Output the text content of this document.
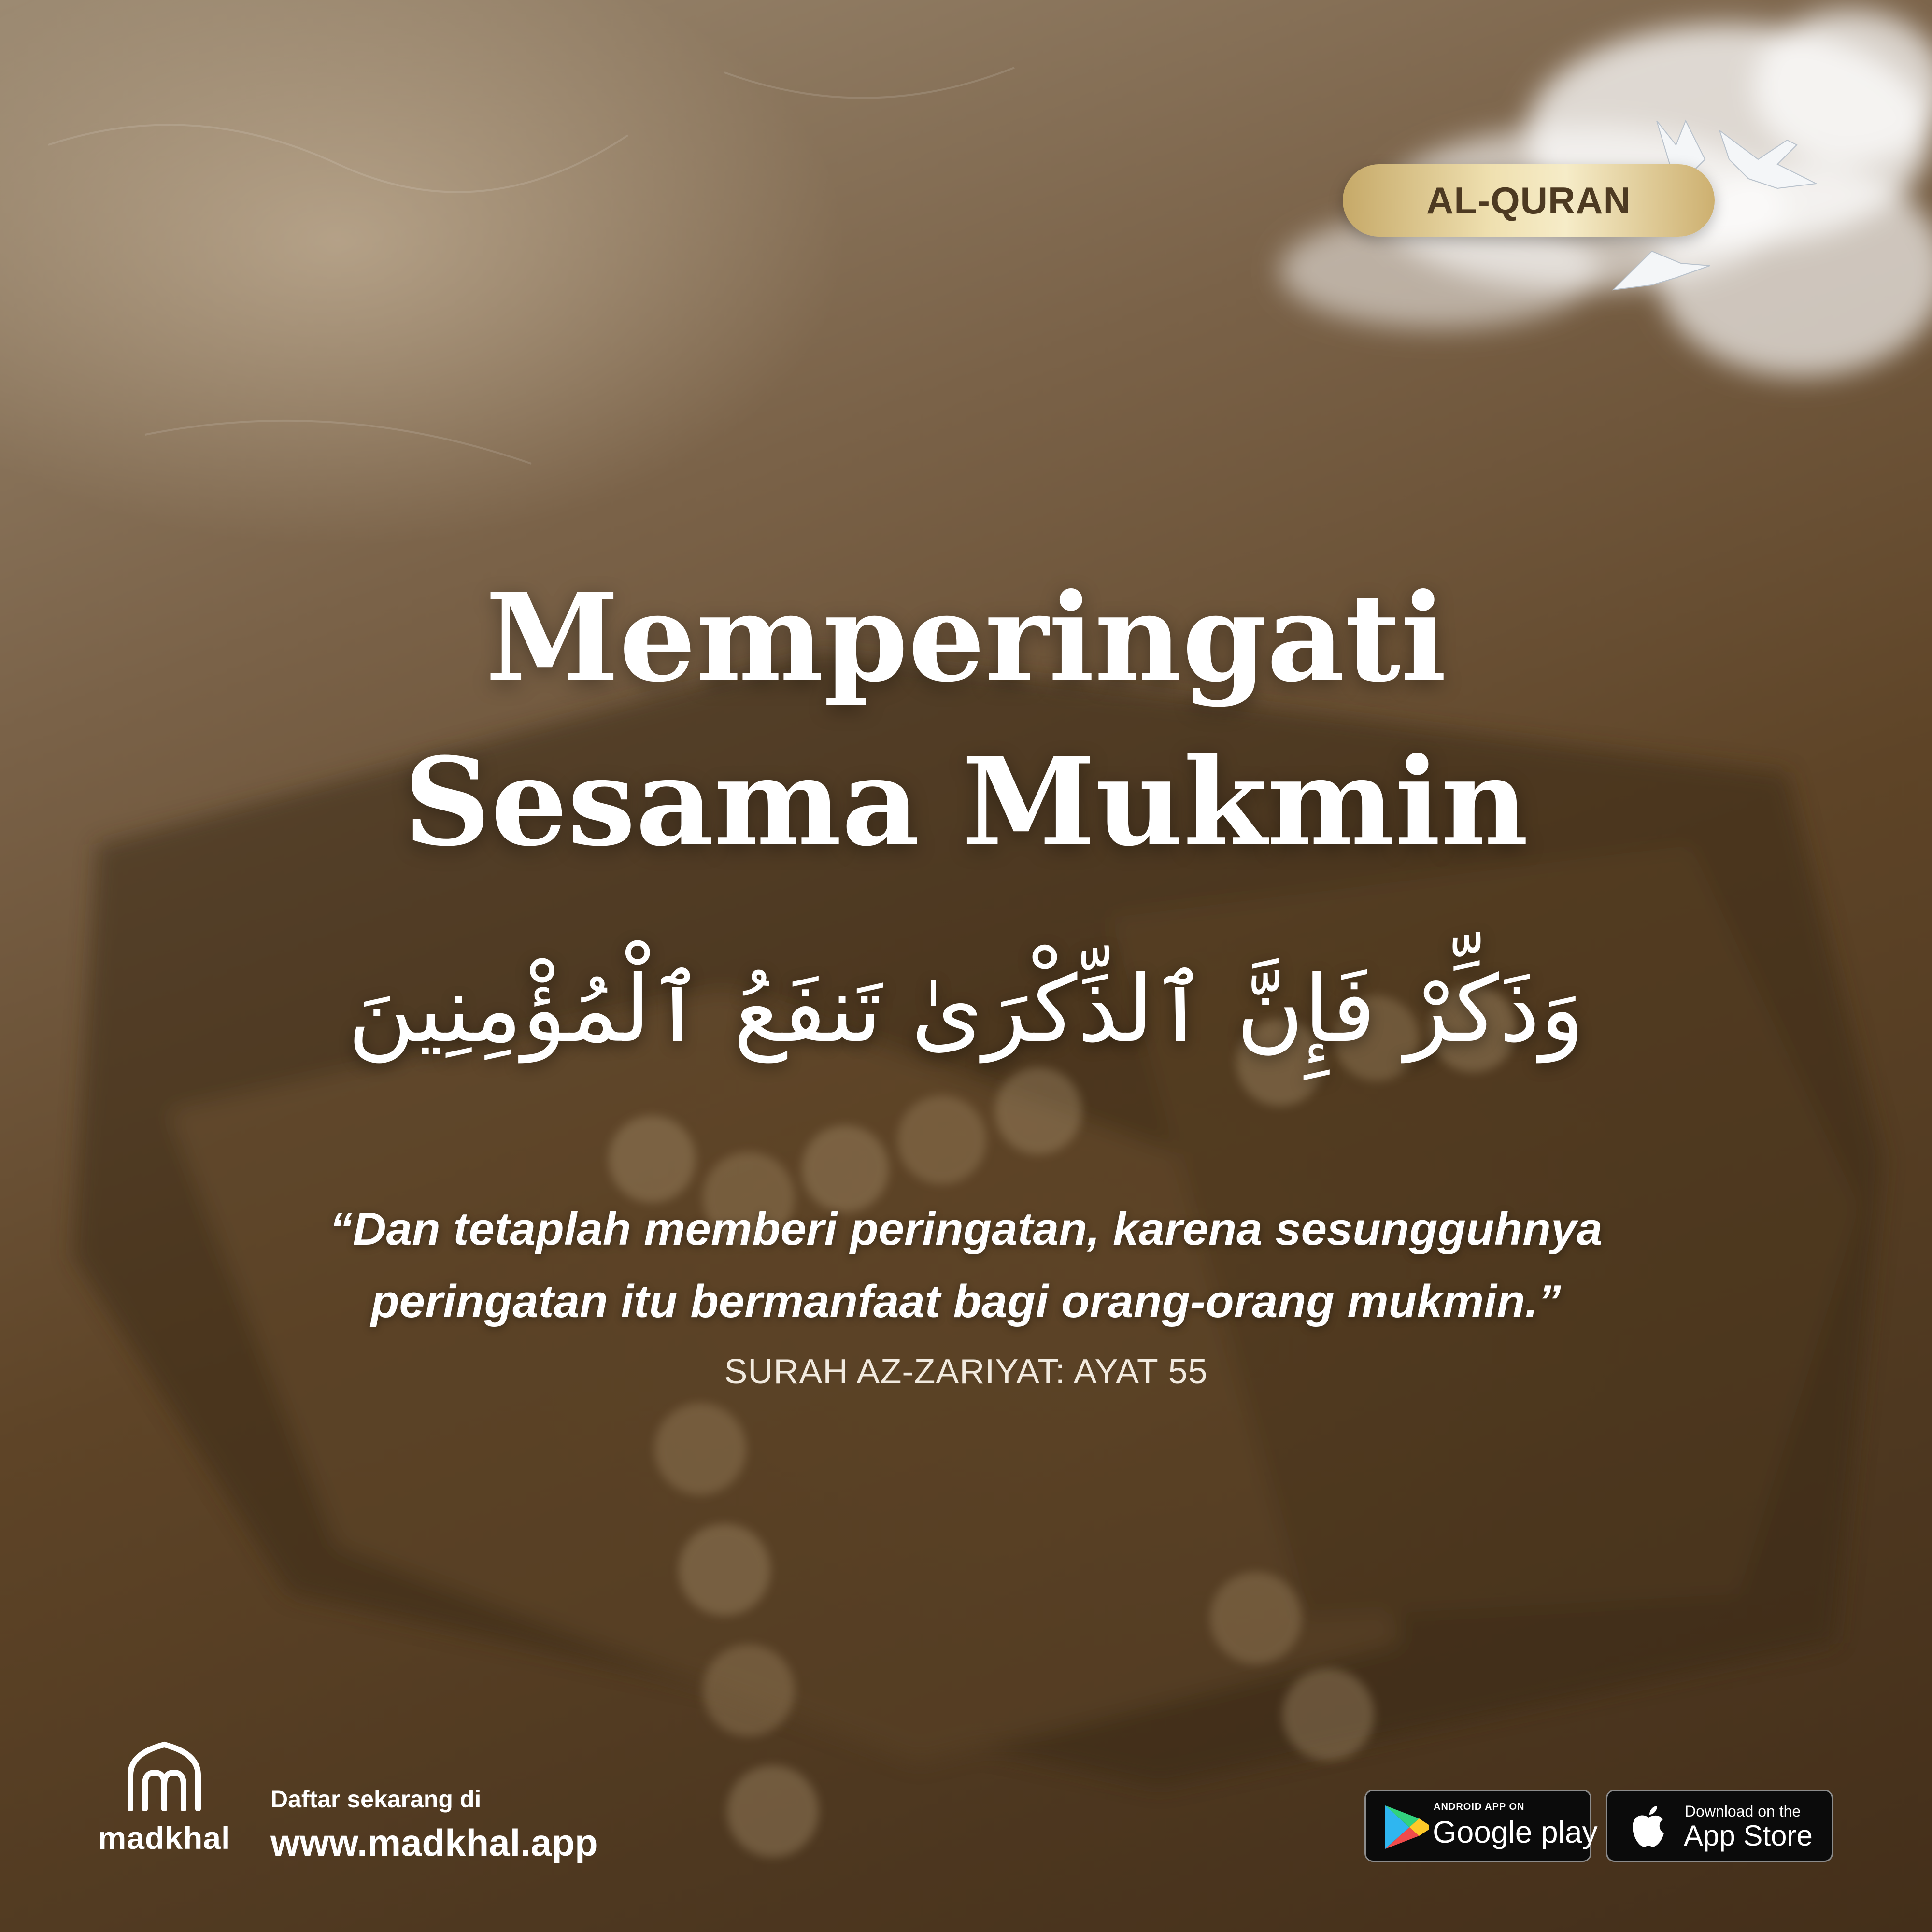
AL-QURAN
Memperingati
Sesama Mukmin
وَذَكِّرْ فَإِنَّ ٱلذِّكْرَىٰ تَنفَعُ ٱلْمُؤْمِنِينَ
“Dan tetaplah memberi peringatan, karena sesungguhnya
peringatan itu bermanfaat bagi orang-orang mukmin.”
SURAH AZ-ZARIYAT: AYAT 55
madkhal
Daftar sekarang di
www.madkhal.app
ANDROID APP ON
Google play
Download on the
App Store
